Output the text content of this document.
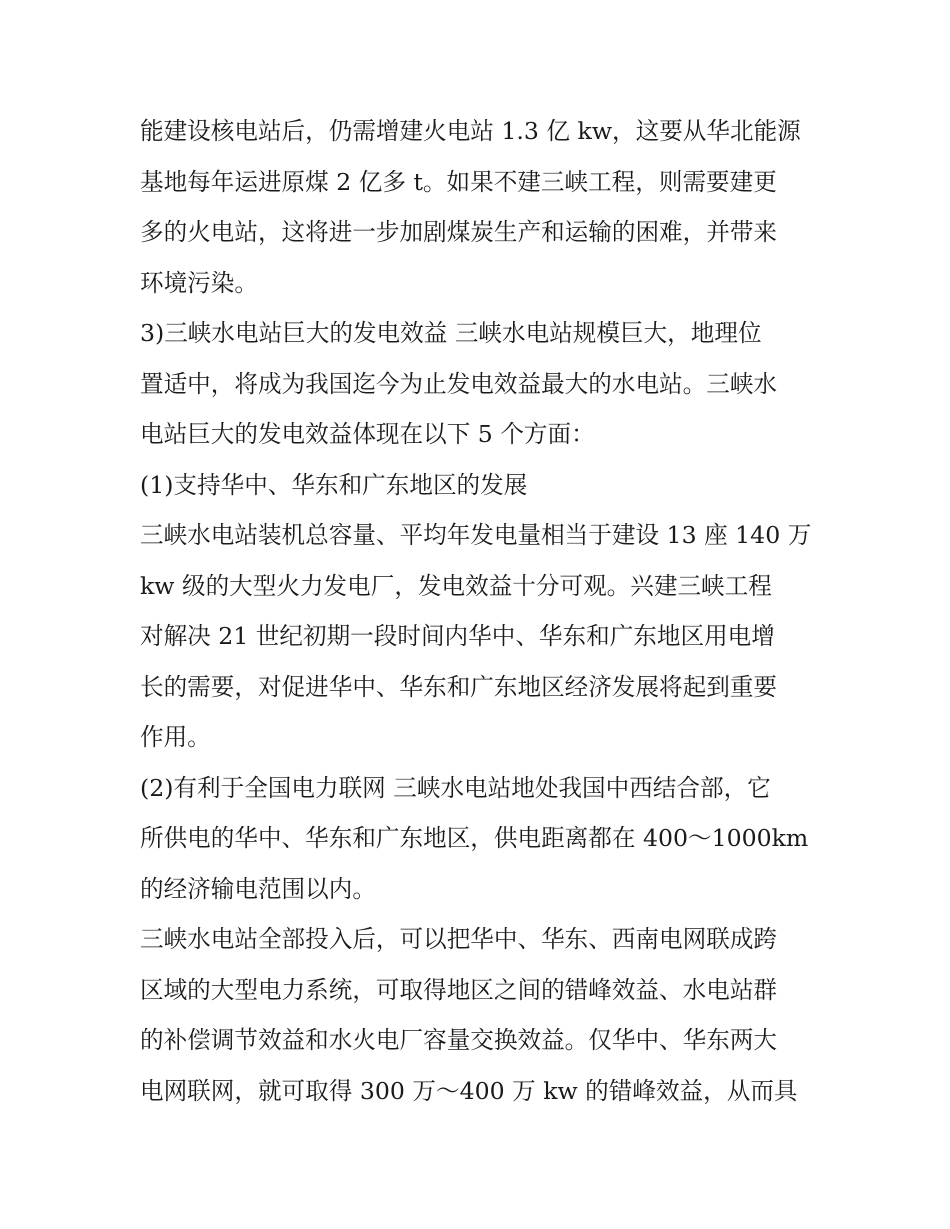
能建设核电站后，仍需增建火电站 1.3 亿 kw，这要从华北能源
基地每年运进原煤 2 亿多 t。如果不建三峡工程，则需要建更
多的火电站，这将进一步加剧煤炭生产和运输的困难，并带来
环境污染。
3)三峡水电站巨大的发电效益 三峡水电站规模巨大，地理位
置适中，将成为我国迄今为止发电效益最大的水电站。三峡水
电站巨大的发电效益体现在以下 5 个方面：
(1)支持华中、华东和广东地区的发展
三峡水电站装机总容量、平均年发电量相当于建设 13 座 140 万
kw 级的大型火力发电厂，发电效益十分可观。兴建三峡工程
对解决 21 世纪初期一段时间内华中、华东和广东地区用电增
长的需要，对促进华中、华东和广东地区经济发展将起到重要
作用。
(2)有利于全国电力联网 三峡水电站地处我国中西结合部，它
所供电的华中、华东和广东地区，供电距离都在 400～1000km
的经济输电范围以内。
三峡水电站全部投入后，可以把华中、华东、西南电网联成跨
区域的大型电力系统，可取得地区之间的错峰效益、水电站群
的补偿调节效益和水火电厂容量交换效益。仅华中、华东两大
电网联网，就可取得 300 万～400 万 kw 的错峰效益，从而具
